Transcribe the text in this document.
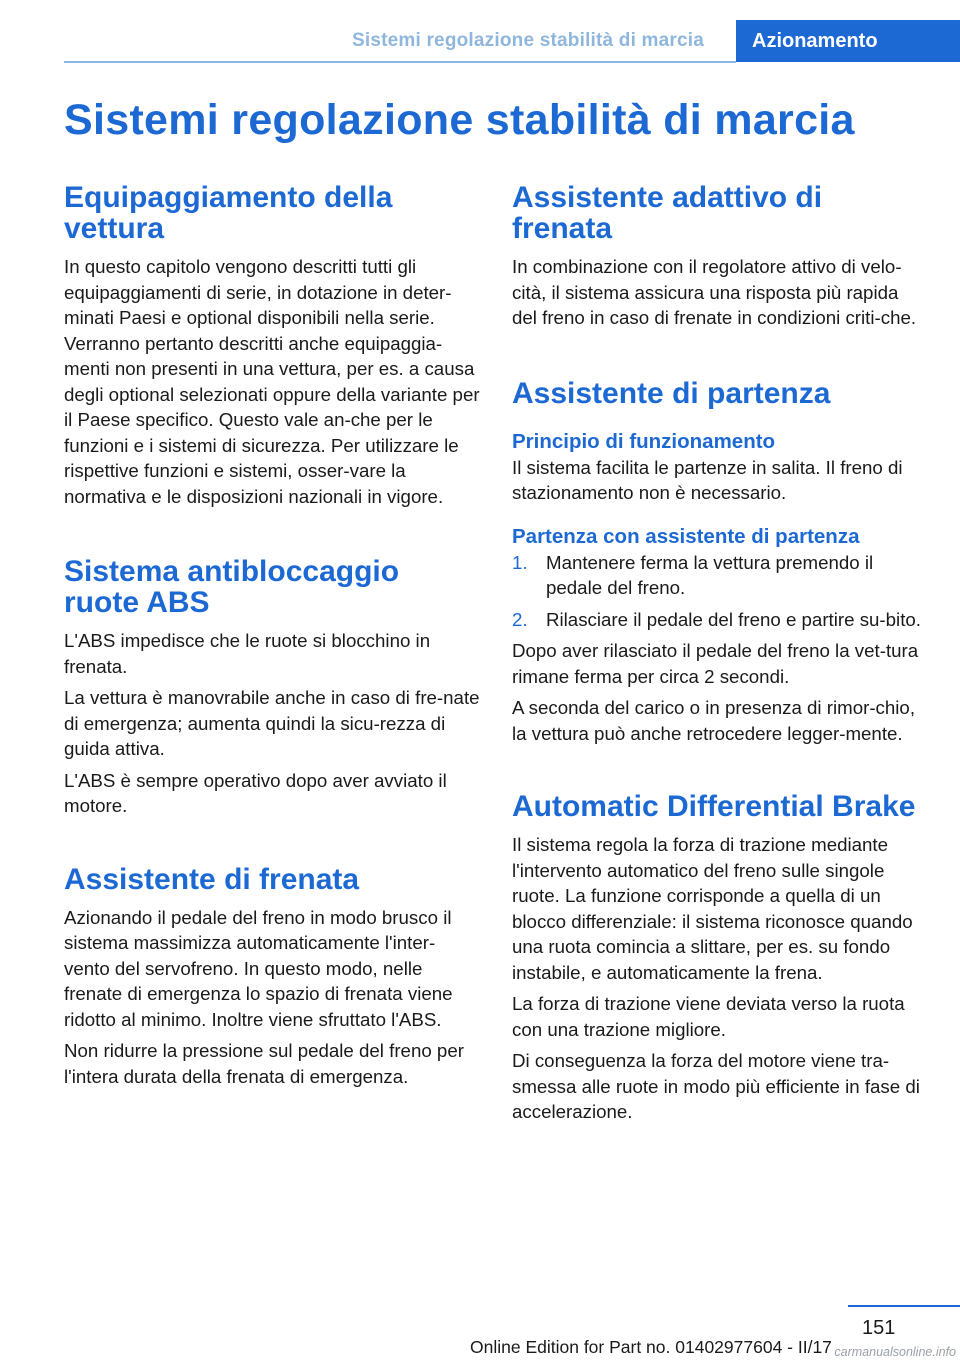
Sistemi regolazione stabilità di marcia	Azionamento
Sistemi regolazione stabilità di marcia
Equipaggiamento della vettura

In questo capitolo vengono descritti tutti gli equipaggiamenti di serie, in dotazione in deter-minati Paesi e optional disponibili nella serie. Verranno pertanto descritti anche equipaggia-menti non presenti in una vettura, per es. a causa degli optional selezionati oppure della variante per il Paese specifico. Questo vale an-che per le funzioni e i sistemi di sicurezza. Per utilizzare le rispettive funzioni e sistemi, osser-vare la normativa e le disposizioni nazionali in vigore.

Sistema antibloccaggio ruote ABS

L'ABS impedisce che le ruote si blocchino in frenata.

La vettura è manovrabile anche in caso di fre-nate di emergenza; aumenta quindi la sicu-rezza di guida attiva.

L'ABS è sempre operativo dopo aver avviato il motore.

Assistente di frenata

Azionando il pedale del freno in modo brusco il sistema massimizza automaticamente l'inter-vento del servofreno. In questo modo, nelle frenate di emergenza lo spazio di frenata viene ridotto al minimo. Inoltre viene sfruttato l'ABS.

Non ridurre la pressione sul pedale del freno per l'intera durata della frenata di emergenza.

Assistente adattivo di frenata

In combinazione con il regolatore attivo di velo-cità, il sistema assicura una risposta più rapida del freno in caso di frenate in condizioni criti-che.

Assistente di partenza
Principio di funzionamento

Il sistema facilita le partenze in salita. Il freno di stazionamento non è necessario.

Partenza con assistente di partenza
1. Mantenere ferma la vettura premendo il pedale del freno.
2. Rilasciare il pedale del freno e partire su-bito.

Dopo aver rilasciato il pedale del freno la vet-tura rimane ferma per circa 2 secondi.

A seconda del carico o in presenza di rimor-chio, la vettura può anche retrocedere legger-mente.

Automatic Differential Brake

Il sistema regola la forza di trazione mediante l'intervento automatico del freno sulle singole ruote. La funzione corrisponde a quella di un blocco differenziale: il sistema riconosce quando una ruota comincia a slittare, per es. su fondo instabile, e automaticamente la frena.

La forza di trazione viene deviata verso la ruota con una trazione migliore.

Di conseguenza la forza del motore viene tra-smessa alle ruote in modo più efficiente in fase di accelerazione.

151
Online Edition for Part no. 01402977604 - II/17 carmanualsonline.info
